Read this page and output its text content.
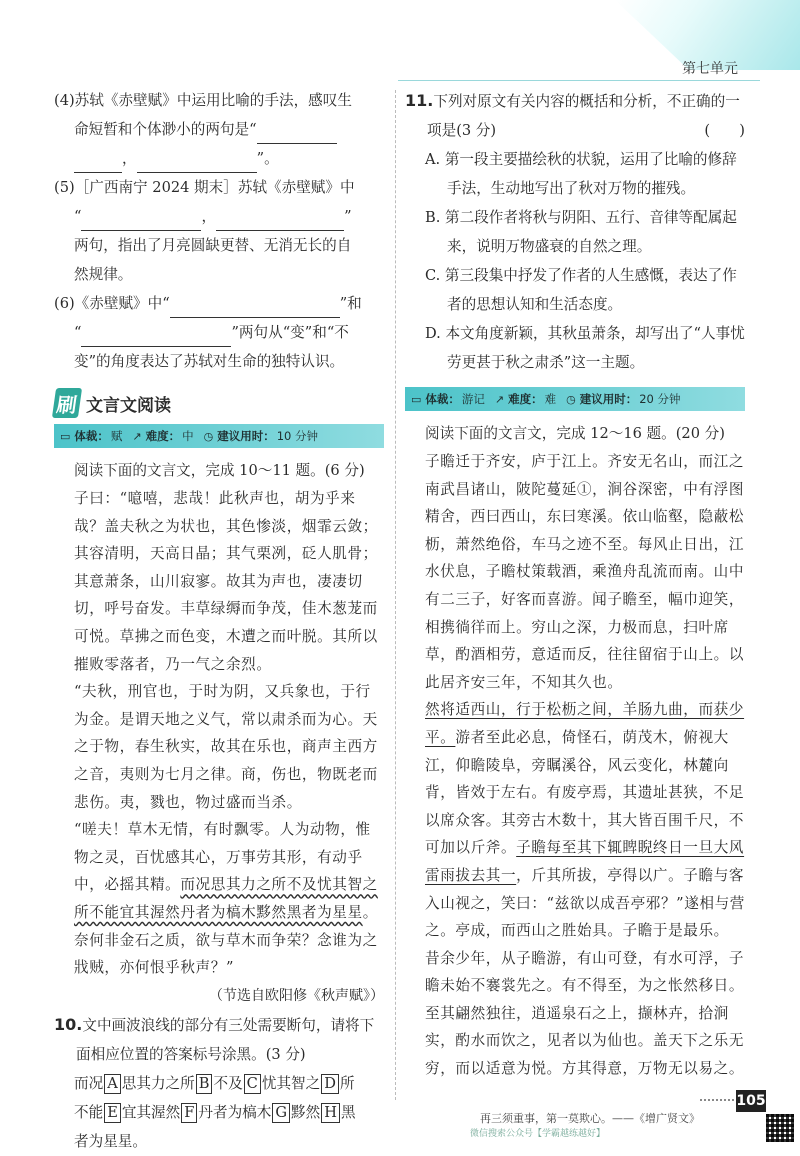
第七单元

(4)苏轼《赤壁赋》中运用比喻的手法，感叹生

命短暂和个体渺小的两句是“

，	”。

(5)［广西南宁 2024 期末］苏轼《赤壁赋》中

“	，	”

两句，指出了月亮圆缺更替、无消无长的自

然规律。

(6)《赤壁赋》中“	”和

“	”两句从“变”和“不

变”的角度表达了苏轼对生命的独特认识。

刷 文言文阅读
▭ 体裁： 赋 ↗ 难度： 中 ◷ 建议用时： 10 分钟

阅读下面的文言文，完成 10～11 题。(6 分)

子曰：“噫嘻，悲哉！此秋声也，胡为乎来哉？盖夫秋之为状也，其色惨淡，烟霏云敛；其容清明，天高日晶；其气栗冽，砭人肌骨；其意萧条，山川寂寥。故其为声也，凄凄切切，呼号奋发。丰草绿缛而争茂，佳木葱茏而可悦。草拂之而色变，木遭之而叶脱。其所以摧败零落者，乃一气之余烈。

“夫秋，刑官也，于时为阴，又兵象也，于行为金。是谓天地之义气，常以肃杀而为心。天之于物，春生秋实，故其在乐也，商声主西方之音，夷则为七月之律。商，伤也，物既老而悲伤。夷，戮也，物过盛而当杀。

“嗟夫！草木无情，有时飘零。人为动物，惟物之灵，百忧感其心，万事劳其形，有动乎中，必摇其精。而况思其力之所不及忧其智之所不能宜其渥然丹者为槁木黟然黑者为星星。奈何非金石之质，欲与草木而争荣？念谁为之戕贼，亦何恨乎秋声？”

（节选自欧阳修《秋声赋》）

10.文中画波浪线的部分有三处需要断句，请将下面相应位置的答案标号涂黑。(3 分)

而况 A 思其力之所 B 不及 C 忧其智之 D 所

不能 E 宜其渥然 F 丹者为槁木 G 黟然 H 黑

者为星星。

11.下列对原文有关内容的概括和分析，不正确的一项是(3 分)	(　　)

A. 第一段主要描绘秋的状貌，运用了比喻的修辞手法，生动地写出了秋对万物的摧残。

B. 第二段作者将秋与阴阳、五行、音律等配属起来，说明万物盛衰的自然之理。

C. 第三段集中抒发了作者的人生感慨，表达了作者的思想认知和生活态度。

D. 本文角度新颖，其秋虽萧条，却写出了“人事忧劳更甚于秋之肃杀”这一主题。

▭ 体裁： 游记 ↗ 难度： 难 ◷ 建议用时： 20 分钟

阅读下面的文言文，完成 12～16 题。(20 分)

子瞻迁于齐安，庐于江上。齐安无名山，而江之南武昌诸山，陂陀蔓延①，涧谷深密，中有浮图精舍，西曰西山，东曰寒溪。依山临壑，隐蔽松枥，萧然绝俗，车马之迹不至。每风止日出，江水伏息，子瞻杖策载酒，乘渔舟乱流而南。山中有二三子，好客而喜游。闻子瞻至，幅巾迎笑，相携徜徉而上。穷山之深，力极而息，扫叶席草，酌酒相劳，意适而反，往往留宿于山上。以此居齐安三年，不知其久也。

然将适西山，行于松枥之间，羊肠九曲，而获少平。游者至此必息，倚怪石，荫茂木，俯视大江，仰瞻陵阜，旁瞩溪谷，风云变化，林麓向背，皆效于左右。有废亭焉，其遗址甚狭，不足以席众客。其旁古木数十，其大皆百围千尺，不可加以斤斧。子瞻每至其下辄睥睨终日一旦大风雷雨拔去其一，斤其所拔，亭得以广。子瞻与客入山视之，笑曰：“兹欲以成吾亭邪？”遂相与营之。亭成，而西山之胜始具。子瞻于是最乐。

昔余少年，从子瞻游，有山可登，有水可浮，子瞻未始不褰裳先之。有不得至，为之怅然移日。至其翩然独往，逍遥泉石之上，撷林卉，拾涧实，酌水而饮之，见者以为仙也。盖天下之乐无穷，而以适意为悦。方其得意，万物无以易之。

再三须重事，第一莫欺心。——《增广贤文》
微信搜索公众号【学霸越练越好】
105
